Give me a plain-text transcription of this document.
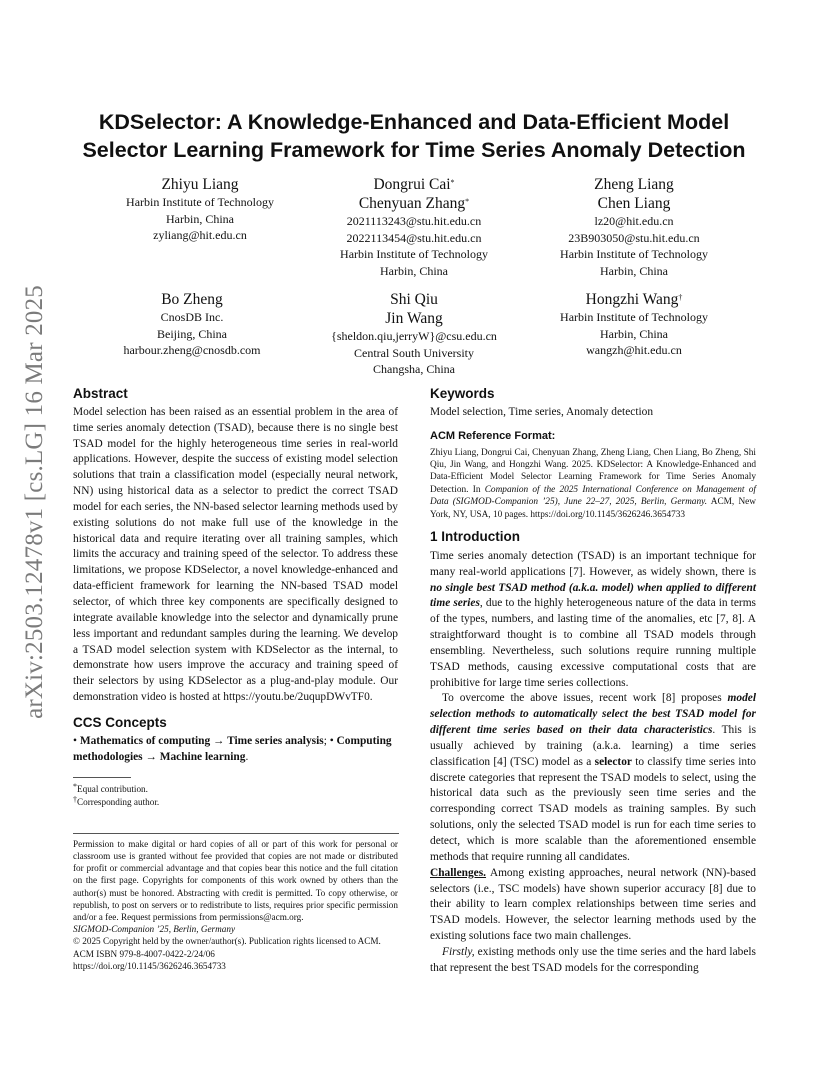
arXiv:2503.12478v1 [cs.LG] 16 Mar 2025
KDSelector: A Knowledge-Enhanced and Data-Efficient Model
Selector Learning Framework for Time Series Anomaly Detection
Zhiyu Liang
Harbin Institute of Technology
Harbin, China
zyliang@hit.edu.cn
Dongrui Cai*
Chenyuan Zhang*
2021113243@stu.hit.edu.cn
2022113454@stu.hit.edu.cn
Harbin Institute of Technology
Harbin, China
Zheng Liang
Chen Liang
lz20@hit.edu.cn
23B903050@stu.hit.edu.cn
Harbin Institute of Technology
Harbin, China
Bo Zheng
CnosDB Inc.
Beijing, China
harbour.zheng@cnosdb.com
Shi Qiu
Jin Wang
{sheldon.qiu,jerryW}@csu.edu.cn
Central South University
Changsha, China
Hongzhi Wang†
Harbin Institute of Technology
Harbin, China
wangzh@hit.edu.cn

Abstract

Model selection has been raised as an essential problem in the area of time series anomaly detection (TSAD), because there is no single best TSAD model for the highly heterogeneous time series in real-world applications. However, despite the success of existing model selection solutions that train a classification model (especially neural network, NN) using historical data as a selector to predict the correct TSAD model for each series, the NN-based selector learning methods used by existing solutions do not make full use of the knowledge in the historical data and require iterating over all training samples, which limits the accuracy and training speed of the selector. To address these limitations, we propose KDSelector, a novel knowledge-enhanced and data-efficient framework for learning the NN-based TSAD model selector, of which three key components are specifically designed to integrate available knowledge into the selector and dynamically prune less important and redundant samples during the learning. We develop a TSAD model selection system with KDSelector as the internal, to demonstrate how users improve the accuracy and training speed of their selectors by using KDSelector as a plug-and-play module. Our demonstration video is hosted at https://youtu.be/2uqupDWvTF0.

CCS Concepts

• Mathematics of computing → Time series analysis; • Computing methodologies → Machine learning.

*Equal contribution.
†Corresponding author.
Permission to make digital or hard copies of all or part of this work for personal or classroom use is granted without fee provided that copies are not made or distributed for profit or commercial advantage and that copies bear this notice and the full citation on the first page. Copyrights for components of this work owned by others than the author(s) must be honored. Abstracting with credit is permitted. To copy otherwise, or republish, to post on servers or to redistribute to lists, requires prior specific permission and/or a fee. Request permissions from permissions@acm.org.
SIGMOD-Companion ’25, Berlin, Germany
© 2025 Copyright held by the owner/author(s). Publication rights licensed to ACM.
ACM ISBN 979-8-4007-0422-2/24/06
https://doi.org/10.1145/3626246.3654733

Keywords

Model selection, Time series, Anomaly detection

ACM Reference Format:

Zhiyu Liang, Dongrui Cai, Chenyuan Zhang, Zheng Liang, Chen Liang, Bo Zheng, Shi Qiu, Jin Wang, and Hongzhi Wang. 2025. KDSelector: A Knowledge-Enhanced and Data-Efficient Model Selector Learning Framework for Time Series Anomaly Detection. In Companion of the 2025 International Conference on Management of Data (SIGMOD-Companion ’25), June 22–27, 2025, Berlin, Germany. ACM, New York, NY, USA, 10 pages. https://doi.org/10.1145/3626246.3654733

1 Introduction

Time series anomaly detection (TSAD) is an important technique for many real-world applications [7]. However, as widely shown, there is no single best TSAD method (a.k.a. model) when applied to different time series, due to the highly heterogeneous nature of the data in terms of the types, numbers, and lasting time of the anomalies, etc [7, 8]. A straightforward thought is to combine all TSAD models through ensembling. Nevertheless, such solutions require running multiple TSAD methods, causing excessive computational costs that are prohibitive for large time series collections.

To overcome the above issues, recent work [8] proposes model selection methods to automatically select the best TSAD model for different time series based on their data characteristics. This is usually achieved by training (a.k.a. learning) a time series classification [4] (TSC) model as a selector to classify time series into discrete categories that represent the TSAD models to select, using the historical data such as the previously seen time series and the corresponding correct TSAD models as training samples. By such solutions, only the selected TSAD model is run for each time series to detect, which is more scalable than the aforementioned ensemble methods that require running all candidates.

Challenges. Among existing approaches, neural network (NN)-based selectors (i.e., TSC models) have shown superior accuracy [8] due to their ability to learn complex relationships between time series and TSAD models. However, the selector learning methods used by the existing solutions face two main challenges.

Firstly, existing methods only use the time series and the hard labels that represent the best TSAD models for the corresponding
